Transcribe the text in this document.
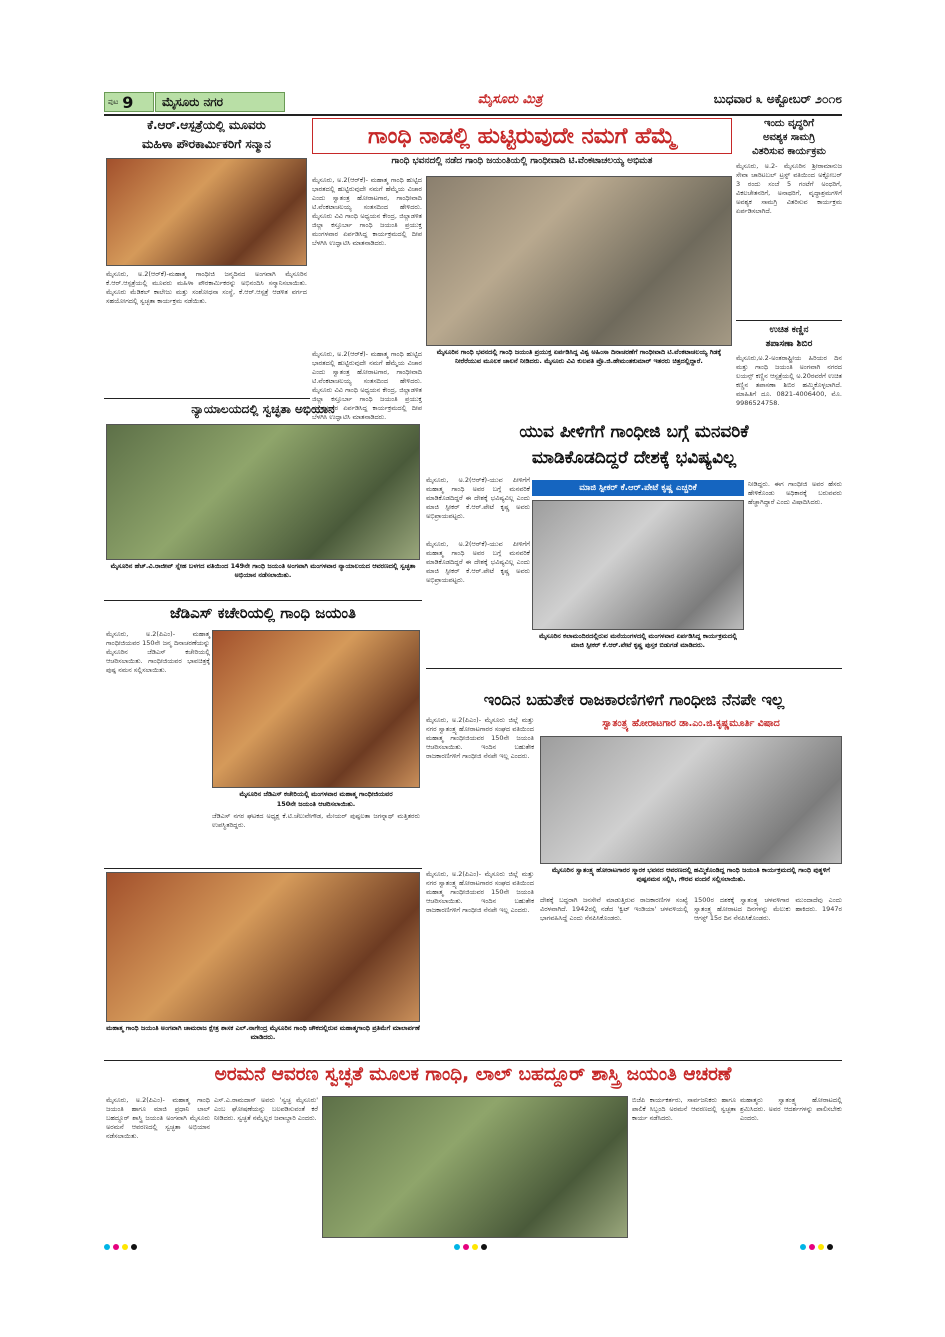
ಪುಟ 9 ಮೈಸೂರು ನಗರ	ಮೈಸೂರು ಮಿತ್ರ	ಬುಧವಾರ ೩ ಅಕ್ಟೋಬರ್ ೨೦೧೮
ಕೆ.ಆರ್.ಆಸ್ಪತ್ರೆಯಲ್ಲಿ ಮೂವರು
ಮಹಿಳಾ ಪೌರಕಾರ್ಮಿಕರಿಗೆ ಸನ್ಮಾನ
ಮೈಸೂರು, ಅ.2(ಆರ್‌ಕೆ)-ಮಹಾತ್ಮ ಗಾಂಧೀಜಿ ಜನ್ಮದಿನದ ಅಂಗವಾಗಿ ಮೈಸೂರಿನ ಕೆ.ಆರ್.ಆಸ್ಪತ್ರೆಯಲ್ಲಿ ಮೂವರು ಮಹಿಳಾ ಪೌರಕಾರ್ಮಿಕರನ್ನು ಅಭಿನಂದಿಸಿ ಸನ್ಮಾನಿಸಲಾಯಿತು. ಮೈಸೂರು ಮೆಡಿಕಲ್ ಕಾಲೇಜು ಮತ್ತು ಸಂಶೋಧನಾ ಸಂಸ್ಥೆ, ಕೆ.ಆರ್.ಆಸ್ಪತ್ರೆ ಆಡಳಿತ ವರ್ಗದ ಸಹಯೋಗದಲ್ಲಿ ಸ್ವಚ್ಛತಾ ಕಾರ್ಯಕ್ರಮ ನಡೆಯಿತು.
ಗಾಂಧಿ ನಾಡಲ್ಲಿ ಹುಟ್ಟಿರುವುದೇ ನಮಗೆ ಹೆಮ್ಮೆ
ಗಾಂಧಿ ಭವನದಲ್ಲಿ ನಡೆದ ಗಾಂಧಿ ಜಯಂತಿಯಲ್ಲಿ ಗಾಂಧೀವಾದಿ ಟಿ.ವೆಂಕಟಾಚಲಯ್ಯ ಅಭಿಮತ
ಮೈಸೂರು, ಅ.2(ಆರ್‌ಕೆ)- ಮಹಾತ್ಮ ಗಾಂಧಿ ಹುಟ್ಟಿದ ಭಾರತದಲ್ಲಿ ಹುಟ್ಟಿರುವುದೇ ನಮಗೆ ಹೆಮ್ಮೆಯ ವಿಚಾರ ಎಂದು ಸ್ವಾತಂತ್ರ ಹೋರಾಟಗಾರ, ಗಾಂಧೀವಾದಿ ಟಿ.ವೆಂಕಟಾಚಲಯ್ಯ ಸಂತಸದಿಂದ ಹೇಳಿದರು. ಮೈಸೂರು ವಿವಿ ಗಾಂಧಿ ಅಧ್ಯಯನ ಕೇಂದ್ರ, ಜಿಲ್ಲಾಡಳಿತ ಜಿಲ್ಲಾ ಕಸ್ತೂರ್ಬಾ ಗಾಂಧಿ ಜಯಂತಿ ಪ್ರಯುಕ್ತ ಮಂಗಳವಾರ ಏರ್ಪಡಿಸಿದ್ದ ಕಾರ್ಯಕ್ರಮದಲ್ಲಿ ದೀಪ ಬೆಳಗಿಸಿ ಉದ್ಘಾಟಿಸಿ ಮಾತನಾಡಿದರು.
ಮೈಸೂರಿನ ಗಾಂಧಿ ಭವನದಲ್ಲಿ ಗಾಂಧಿ ಜಯಂತಿ ಪ್ರಯುಕ್ತ ಏರ್ಪಡಿಸಿದ್ದ ವಿಶ್ವ ಅಹಿಂಸಾ ದಿನಾಚರಣೆಗೆ ಗಾಂಧೀವಾದಿ ಟಿ.ವೆಂಕಟಾಚಲಯ್ಯ ಗಿಡಕ್ಕೆ ನೀರೆರೆಯುವ ಮೂಲಕ ಚಾಲನೆ ನೀಡಿದರು. ಮೈಸೂರು ವಿವಿ ಕುಲಪತಿ ಪ್ರೊ.ಜಿ.ಹೇಮಂತಕುಮಾರ್ ಇತರರು ಚಿತ್ರದಲ್ಲಿದ್ದಾರೆ.
ಮೈಸೂರು, ಅ.2(ಆರ್‌ಕೆ)- ಮಹಾತ್ಮ ಗಾಂಧಿ ಹುಟ್ಟಿದ ಭಾರತದಲ್ಲಿ ಹುಟ್ಟಿರುವುದೇ ನಮಗೆ ಹೆಮ್ಮೆಯ ವಿಚಾರ ಎಂದು ಸ್ವಾತಂತ್ರ ಹೋರಾಟಗಾರ, ಗಾಂಧೀವಾದಿ ಟಿ.ವೆಂಕಟಾಚಲಯ್ಯ ಸಂತಸದಿಂದ ಹೇಳಿದರು. ಮೈಸೂರು ವಿವಿ ಗಾಂಧಿ ಅಧ್ಯಯನ ಕೇಂದ್ರ, ಜಿಲ್ಲಾಡಳಿತ ಜಿಲ್ಲಾ ಕಸ್ತೂರ್ಬಾ ಗಾಂಧಿ ಜಯಂತಿ ಪ್ರಯುಕ್ತ ಮಂಗಳವಾರ ಏರ್ಪಡಿಸಿದ್ದ ಕಾರ್ಯಕ್ರಮದಲ್ಲಿ ದೀಪ ಬೆಳಗಿಸಿ ಉದ್ಘಾಟಿಸಿ ಮಾತನಾಡಿದರು.
ಇಂದು ವೃದ್ಧರಿಗೆ
ಅವಶ್ಯಕ ಸಾಮಗ್ರಿ
ವಿತರಿಸುವ ಕಾರ್ಯಕ್ರಮ
ಮೈಸೂರು, ಅ.2- ಮೈಸೂರಿನ ಶ್ರೀರಾಮಾನುಜ ಸೇವಾ ಚಾರಿಟಬಲ್ ಟ್ರಸ್ಟ್ ವತಿಯಿಂದ ಅಕ್ಟೋಬರ್ 3 ರಂದು ಸಂಜೆ 5 ಗಂಟೆಗೆ ಅಂಧರಿಗೆ, ವಿಕಲಚೇತನರಿಗೆ, ಅನಾಥರಿಗೆ, ವೃದ್ಧಾಶ್ರಮಗಳಿಗೆ ಅವಶ್ಯಕ ಸಾಮಗ್ರಿ ವಿತರಿಸುವ ಕಾರ್ಯಕ್ರಮ ಏರ್ಪಡಿಸಲಾಗಿದೆ.
ಉಚಿತ ಕಣ್ಣಿನ
ತಪಾಸಣಾ ಶಿಬಿರ
ಮೈಸೂರು,ಅ.2-ಅಂತರಾಷ್ಟ್ರೀಯ ಹಿರಿಯರ ದಿನ ಮತ್ತು ಗಾಂಧಿ ಜಯಂತಿ ಅಂಗವಾಗಿ ನಗರದ ಲಯನ್ಸ್ ಕಣ್ಣಿನ ಆಸ್ಪತ್ರೆಯಲ್ಲಿ ಅ.20ರವರೆಗೆ ಉಚಿತ ಕಣ್ಣಿನ ತಪಾಸಣಾ ಶಿಬಿರ ಹಮ್ಮಿಕೊಳ್ಳಲಾಗಿದೆ. ಮಾಹಿತಿಗೆ ದೂ. 0821-4006400, ಮೊ. 9986524758.
ನ್ಯಾಯಾಲಯದಲ್ಲಿ ಸ್ವಚ್ಛತಾ ಅಭಿಯಾನ
ಮೈಸೂರಿನ ಹೆಚ್.ವಿ.ರಾಜೀವ್ ಸ್ನೇಹ ಬಳಗದ ವತಿಯಿಂದ 149ನೇ ಗಾಂಧಿ ಜಯಂತಿ ಅಂಗವಾಗಿ ಮಂಗಳವಾರ ನ್ಯಾಯಾಲಯದ ಆವರಣದಲ್ಲಿ ಸ್ವಚ್ಛತಾ ಅಭಿಯಾನ ನಡೆಸಲಾಯಿತು.
ಯುವ ಪೀಳಿಗೆಗೆ ಗಾಂಧೀಜಿ ಬಗ್ಗೆ ಮನವರಿಕೆ
ಮಾಡಿಕೊಡದಿದ್ದರೆ ದೇಶಕ್ಕೆ ಭವಿಷ್ಯವಿಲ್ಲ
ಮೈಸೂರು, ಅ.2(ಆರ್‌ಕೆ)-ಯುವ ಪೀಳಿಗೆಗೆ ಮಹಾತ್ಮ ಗಾಂಧಿ ಅವರ ಬಗ್ಗೆ ಮನವರಿಕೆ ಮಾಡಿಕೊಡದಿದ್ದರೆ ಈ ದೇಶಕ್ಕೆ ಭವಿಷ್ಯವಿಲ್ಲ ಎಂದು ಮಾಜಿ ಸ್ಪೀಕರ್ ಕೆ.ಆರ್.ಪೇಟೆ ಕೃಷ್ಣ ಅವರು ಅಭಿಪ್ರಾಯಪಟ್ಟರು.
ಮಾಜಿ ಸ್ಪೀಕರ್ ಕೆ.ಆರ್.ಪೇಟೆ ಕೃಷ್ಣ ಎಚ್ಚರಿಕೆ
ಮೈಸೂರಿನ ಕಲಾಮಂದಿರದಲ್ಲಿರುವ ಮನೆಯಂಗಳದಲ್ಲಿ ಮಂಗಳವಾರ ಏರ್ಪಡಿಸಿದ್ದ ಕಾರ್ಯಕ್ರಮದಲ್ಲಿ ಮಾಜಿ ಸ್ಪೀಕರ್ ಕೆ.ಆರ್.ಪೇಟೆ ಕೃಷ್ಣ ಪುಸ್ತಕ ಬಿಡುಗಡೆ ಮಾಡಿದರು.
ಮೈಸೂರು, ಅ.2(ಆರ್‌ಕೆ)-ಯುವ ಪೀಳಿಗೆಗೆ ಮಹಾತ್ಮ ಗಾಂಧಿ ಅವರ ಬಗ್ಗೆ ಮನವರಿಕೆ ಮಾಡಿಕೊಡದಿದ್ದರೆ ಈ ದೇಶಕ್ಕೆ ಭವಿಷ್ಯವಿಲ್ಲ ಎಂದು ಮಾಜಿ ಸ್ಪೀಕರ್ ಕೆ.ಆರ್.ಪೇಟೆ ಕೃಷ್ಣ ಅವರು ಅಭಿಪ್ರಾಯಪಟ್ಟರು.
ನೀಡಿದ್ದರು. ಈಗ ಗಾಂಧೀಜಿ ಅವರ ಹೆಸರು ಹೇಳಿಕೊಂಡು ಅಧಿಕಾರಕ್ಕೆ ಬರುವವರು ಹೆಚ್ಚಾಗಿದ್ದಾರೆ ಎಂದು ವಿಷಾದಿಸಿದರು.
ಜೆಡಿಎಸ್ ಕಚೇರಿಯಲ್ಲಿ ಗಾಂಧಿ ಜಯಂತಿ
ಮೈಸೂರು, ಅ.2(ಪಿಎಂ)- ಮಹಾತ್ಮ ಗಾಂಧೀಜಿಯವರ 150ನೇ ಜನ್ಮ ದಿನಾಚರಣೆಯನ್ನು ಮೈಸೂರಿನ ಜೆಡಿಎಸ್ ಕಚೇರಿಯಲ್ಲಿ ಆಚರಿಸಲಾಯಿತು. ಗಾಂಧೀಜಿಯವರ ಭಾವಚಿತ್ರಕ್ಕೆ ಪುಷ್ಪ ನಮನ ಸಲ್ಲಿಸಲಾಯಿತು.
ಮೈಸೂರಿನ ಜೆಡಿಎಸ್ ಕಚೇರಿಯಲ್ಲಿ ಮಂಗಳವಾರ ಮಹಾತ್ಮ ಗಾಂಧೀಜಿಯವರ
150ನೇ ಜಯಂತಿ ಆಚರಿಸಲಾಯಿತು.
ಜೆಡಿಎಸ್ ನಗರ ಘಟಕದ ಅಧ್ಯಕ್ಷ ಕೆ.ಟಿ.ಚೆಲುವೇಗೌಡ, ಮೇಯರ್ ಪುಷ್ಪಲತಾ ಜಗನ್ನಾಥ್ ಮತ್ತಿತರರು ಉಪಸ್ಥಿತರಿದ್ದರು.
ಮಹಾತ್ಮ ಗಾಂಧಿ ಜಯಂತಿ ಅಂಗವಾಗಿ ಚಾಮರಾಜ ಕ್ಷೇತ್ರ ಶಾಸಕ ಎಲ್.ನಾಗೇಂದ್ರ ಮೈಸೂರಿನ ಗಾಂಧಿ ಚೌಕದಲ್ಲಿರುವ ಮಹಾತ್ಮಗಾಂಧಿ ಪ್ರತಿಮೆಗೆ ಮಾಲಾರ್ಪಣೆ ಮಾಡಿದರು.
ಇಂದಿನ ಬಹುತೇಕ ರಾಜಕಾರಣಿಗಳಿಗೆ ಗಾಂಧೀಜಿ ನೆನಪೇ ಇಲ್ಲ
ಸ್ವಾತಂತ್ರ್ಯ ಹೋರಾಟಗಾರ ಡಾ.ಎಂ.ಜಿ.ಕೃಷ್ಣಮೂರ್ತಿ ವಿಷಾದ
ಮೈಸೂರು, ಅ.2(ಪಿಎಂ)- ಮೈಸೂರು ಜಿಲ್ಲೆ ಮತ್ತು ನಗರ ಸ್ವಾತಂತ್ರ್ಯ ಹೋರಾಟಗಾರರ ಸಂಘದ ವತಿಯಿಂದ ಮಹಾತ್ಮ ಗಾಂಧೀಜಿಯವರ 150ನೇ ಜಯಂತಿ ಆಚರಿಸಲಾಯಿತು. ಇಂದಿನ ಬಹುತೇಕ ರಾಜಕಾರಣಿಗಳಿಗೆ ಗಾಂಧೀಜಿ ನೆನಪೇ ಇಲ್ಲ ಎಂದರು.
ಮೈಸೂರಿನ ಸ್ವಾತಂತ್ರ್ಯ ಹೋರಾಟಗಾರರ ಸ್ಮಾರಕ ಭವನದ ಆವರಣದಲ್ಲಿ ಹಮ್ಮಿಕೊಂಡಿದ್ದ ಗಾಂಧಿ ಜಯಂತಿ ಕಾರ್ಯಕ್ರಮದಲ್ಲಿ ಗಾಂಧಿ ಪುತ್ಥಳಿಗೆ ಪುಷ್ಪನಮನ ಸಲ್ಲಿಸಿ, ಗೌರವ ವಂದನೆ ಸಲ್ಲಿಸಲಾಯಿತು.
ಮೈಸೂರು, ಅ.2(ಪಿಎಂ)- ಮೈಸೂರು ಜಿಲ್ಲೆ ಮತ್ತು ನಗರ ಸ್ವಾತಂತ್ರ್ಯ ಹೋರಾಟಗಾರರ ಸಂಘದ ವತಿಯಿಂದ ಮಹಾತ್ಮ ಗಾಂಧೀಜಿಯವರ 150ನೇ ಜಯಂತಿ ಆಚರಿಸಲಾಯಿತು. ಇಂದಿನ ಬಹುತೇಕ ರಾಜಕಾರಣಿಗಳಿಗೆ ಗಾಂಧೀಜಿ ನೆನಪೇ ಇಲ್ಲ ಎಂದರು.
ದೇಶಕ್ಕೆ ಬದ್ಧರಾಗಿ ಜನಸೇವೆ ಮಾಡುತ್ತಿರುವ ರಾಜಕಾರಣಿಗಳ ಸಂಖ್ಯೆ ವಿರಳವಾಗಿದೆ. 1942ರಲ್ಲಿ ನಡೆದ 'ಕ್ವಿಟ್ ಇಂಡಿಯಾ' ಚಳವಳಿಯಲ್ಲಿ ಭಾಗವಹಿಸಿದ್ದೆ ಎಂದು ನೆನಪಿಸಿಕೊಂಡರು.
1500ರ ದಶಕಕ್ಕೆ ಸ್ವಾತಂತ್ರ್ಯ ಚಳವಳಿಗಾರ ಮುಂದಾದೆವು ಎಂದು ಸ್ವಾತಂತ್ರ್ಯ ಹೋರಾಟದ ದಿನಗಳನ್ನು ಮೆಲುಕು ಹಾಕಿದರು. 1947ರ ಆಗಸ್ಟ್ 15ರ ದಿನ ನೆನಪಿಸಿಕೊಂಡರು.
ಅರಮನೆ ಆವರಣ ಸ್ವಚ್ಛತೆ ಮೂಲಕ ಗಾಂಧಿ, ಲಾಲ್ ಬಹದ್ದೂರ್ ಶಾಸ್ತ್ರಿ ಜಯಂತಿ ಆಚರಣೆ
ಮೈಸೂರು, ಅ.2(ಪಿಎಂ)- ಮಹಾತ್ಮ ಗಾಂಧಿ ಜಯಂತಿ ಹಾಗೂ ಮಾಜಿ ಪ್ರಧಾನಿ ಲಾಲ್ ಬಹದ್ದೂರ್ ಶಾಸ್ತ್ರಿ ಜಯಂತಿ ಅಂಗವಾಗಿ ಮೈಸೂರು ಅರಮನೆ ಆವರಣದಲ್ಲಿ ಸ್ವಚ್ಛತಾ ಅಭಿಯಾನ ನಡೆಸಲಾಯಿತು.
ಎಸ್.ಎ.ರಾಮದಾಸ್ ಅವರು 'ಸ್ವಚ್ಛ ಮೈಸೂರು' ಎಂಬ ಘೋಷಣೆಯನ್ನು ಬಲಪಡಿಸುವಂತೆ ಕರೆ ನೀಡಿದರು. ಸ್ವಚ್ಛತೆ ನಮ್ಮೆಲ್ಲರ ಜವಾಬ್ದಾರಿ ಎಂದರು.
ಬಿಜೆಪಿ ಕಾರ್ಯಕರ್ತರು, ಸಾರ್ವಜನಿಕರು ಹಾಗೂ ಪಾಲಿಕೆ ಸಿಬ್ಬಂದಿ ಅರಮನೆ ಆವರಣದಲ್ಲಿ ಸ್ವಚ್ಛತಾ ಕಾರ್ಯ ನಡೆಸಿದರು.
ಮಹಾತ್ಮರು ಸ್ವಾತಂತ್ರ್ಯ ಹೋರಾಟದಲ್ಲಿ ಶ್ರಮಿಸಿದರು. ಅವರ ಆದರ್ಶಗಳನ್ನು ಪಾಲಿಸಬೇಕು ಎಂದರು.
